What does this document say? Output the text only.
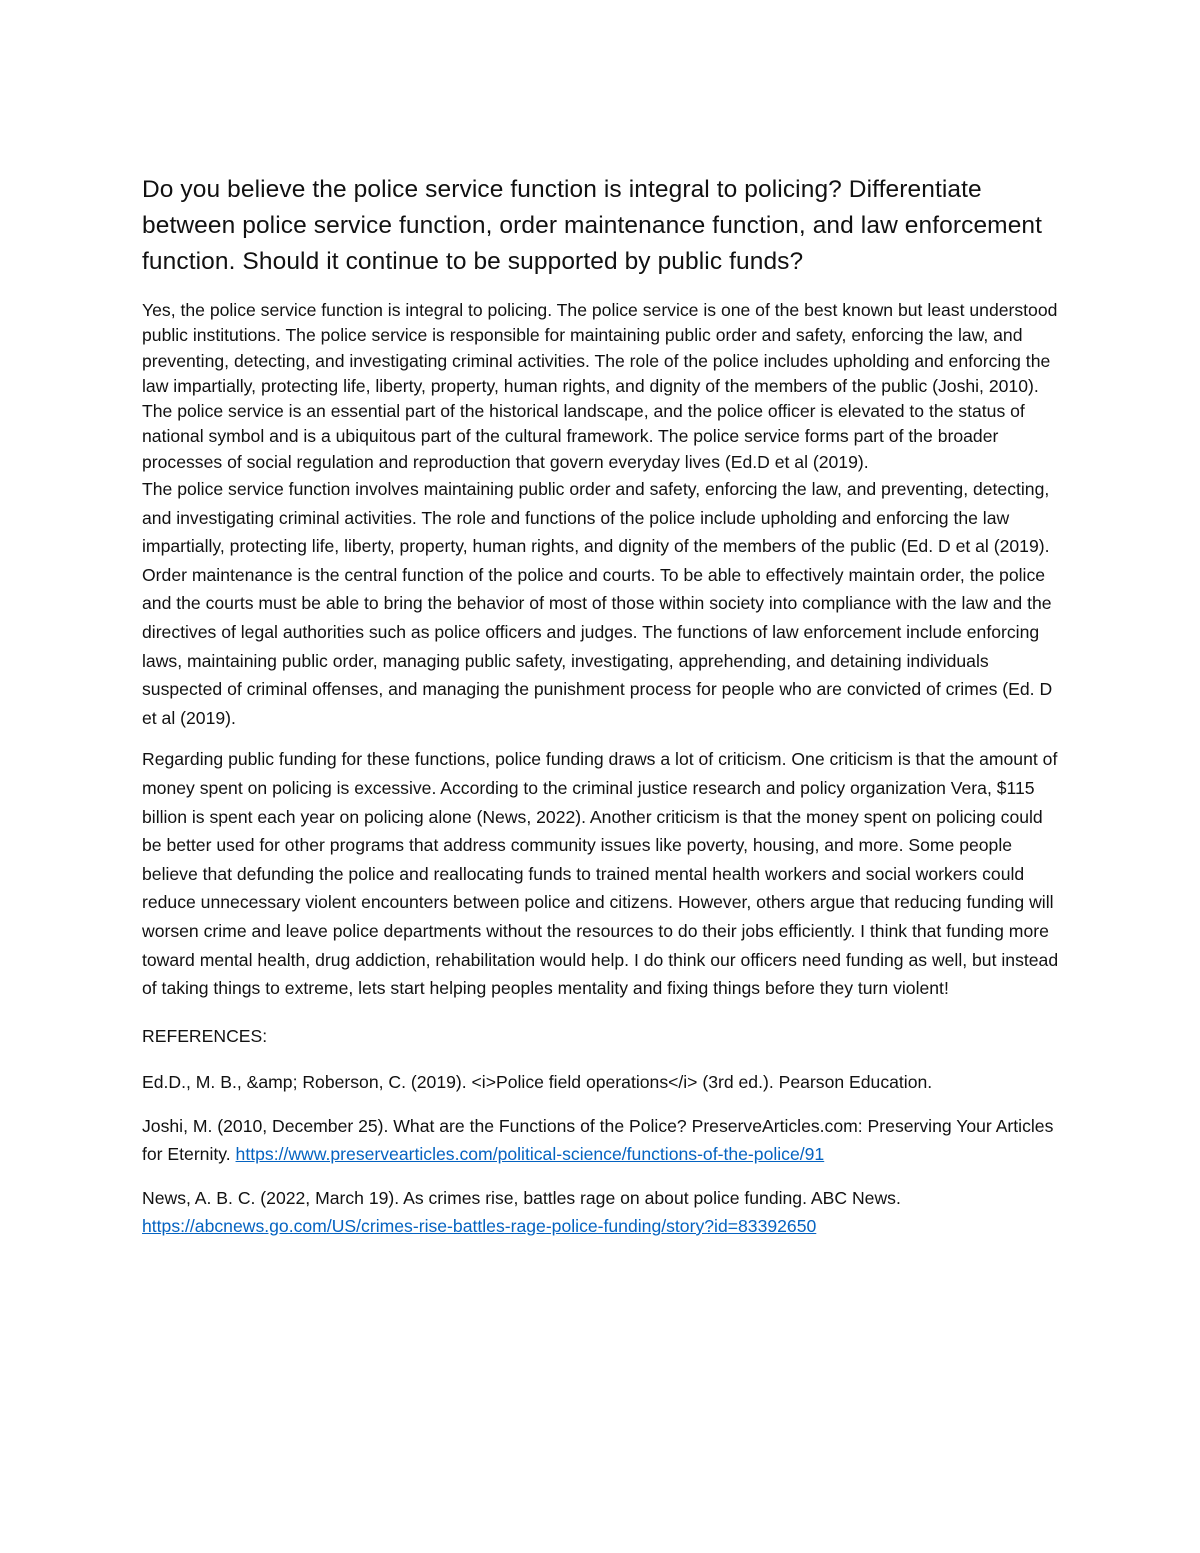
Do you believe the police service function is integral to policing? Differentiate between police service function, order maintenance function, and law enforcement function. Should it continue to be supported by public funds?

Yes, the police service function is integral to policing. The police service is one of the best known but least understood public institutions. The police service is responsible for maintaining public order and safety, enforcing the law, and preventing, detecting, and investigating criminal activities. The role of the police includes upholding and enforcing the law impartially, protecting life, liberty, property, human rights, and dignity of the members of the public (Joshi, 2010). The police service is an essential part of the historical landscape, and the police officer is elevated to the status of national symbol and is a ubiquitous part of the cultural framework. The police service forms part of the broader processes of social regulation and reproduction that govern everyday lives (Ed.D et al (2019).

The police service function involves maintaining public order and safety, enforcing the law, and preventing, detecting, and investigating criminal activities. The role and functions of the police include upholding and enforcing the law impartially, protecting life, liberty, property, human rights, and dignity of the members of the public (Ed. D et al (2019). Order maintenance is the central function of the police and courts. To be able to effectively maintain order, the police and the courts must be able to bring the behavior of most of those within society into compliance with the law and the directives of legal authorities such as police officers and judges. The functions of law enforcement include enforcing laws, maintaining public order, managing public safety, investigating, apprehending, and detaining individuals suspected of criminal offenses, and managing the punishment process for people who are convicted of crimes (Ed. D et al (2019).

Regarding public funding for these functions, police funding draws a lot of criticism. One criticism is that the amount of money spent on policing is excessive. According to the criminal justice research and policy organization Vera, $115 billion is spent each year on policing alone (News, 2022). Another criticism is that the money spent on policing could be better used for other programs that address community issues like poverty, housing, and more. Some people believe that defunding the police and reallocating funds to trained mental health workers and social workers could reduce unnecessary violent encounters between police and citizens. However, others argue that reducing funding will worsen crime and leave police departments without the resources to do their jobs efficiently. I think that funding more toward mental health, drug addiction, rehabilitation would help. I do think our officers need funding as well, but instead of taking things to extreme, lets start helping peoples mentality and fixing things before they turn violent!

REFERENCES:

Ed.D., M. B., &amp; Roberson, C. (2019). <i>Police field operations</i> (3rd ed.). Pearson Education.

Joshi, M. (2010, December 25). What are the Functions of the Police? PreserveArticles.com: Preserving Your Articles for Eternity. https://www.preservearticles.com/political-science/functions-of-the-police/91

News, A. B. C. (2022, March 19). As crimes rise, battles rage on about police funding. ABC News.
https://abcnews.go.com/US/crimes-rise-battles-rage-police-funding/story?id=83392650
